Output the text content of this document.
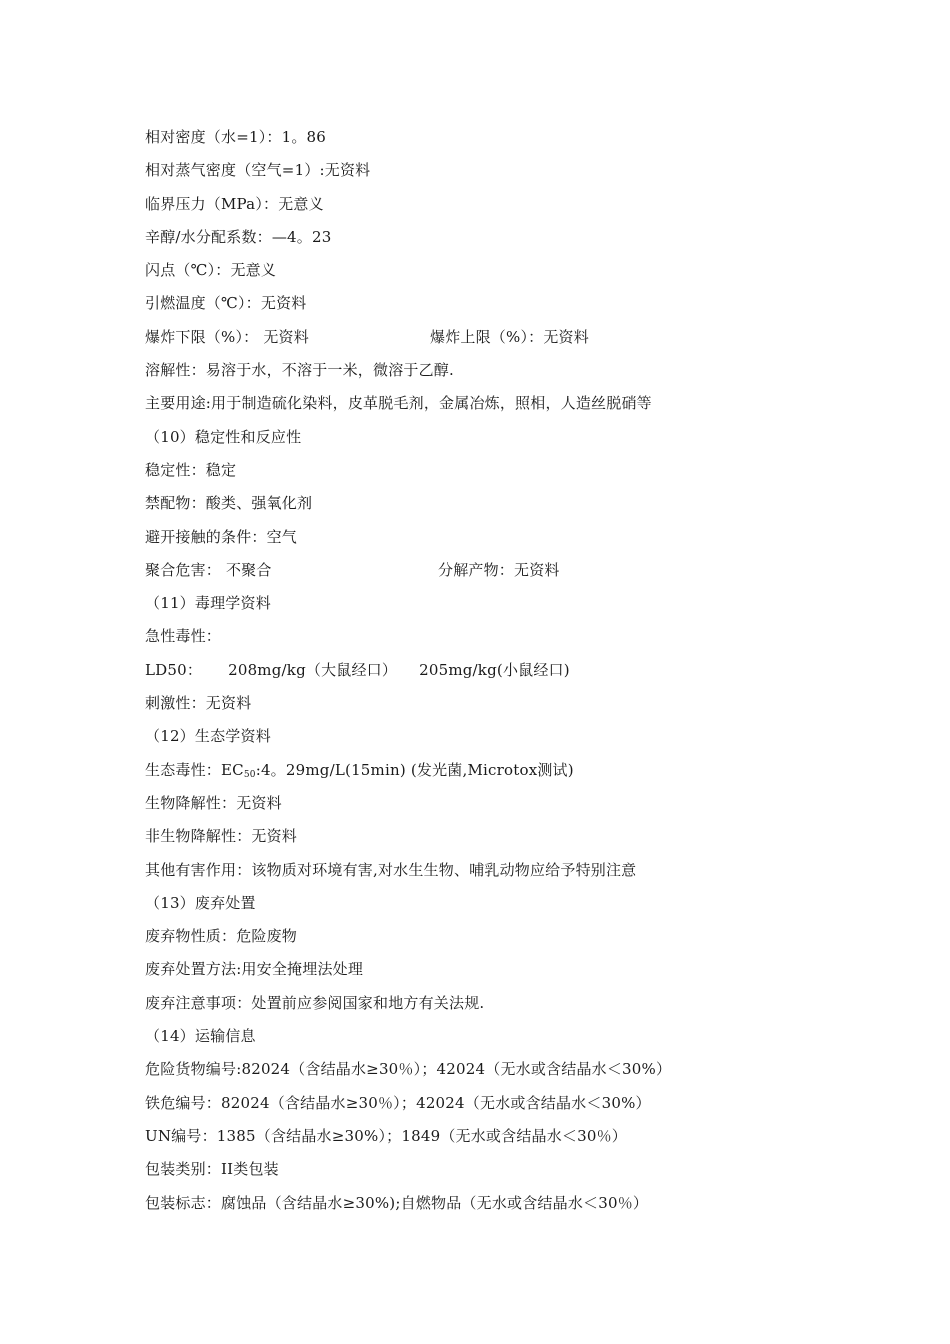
相对密度（水=1）：1。86
相对蒸气密度（空气=1）:无资料
临界压力（MPa）：无意义
辛醇/水分配系数：—4。23
闪点（℃）：无意义
引燃温度（℃）：无资料
爆炸下限（%）： 无资料	爆炸上限（%）：无资料
溶解性：易溶于水，不溶于一米，微溶于乙醇.
主要用途:用于制造硫化染料，皮革脱毛剂，金属冶炼，照相，人造丝脱硝等
（10）稳定性和反应性
稳定性：稳定
禁配物：酸类、强氧化剂
避开接触的条件：空气
聚合危害： 不聚合	分解产物：无资料
（11）毒理学资料
急性毒性：
LD50： 208mg/kg（大鼠经口） 205mg/kg(小鼠经口)
刺激性：无资料
（12）生态学资料
生态毒性：$EC_{50}:4$。29mg/L(15min) (发光菌,Microtox测试)
生物降解性：无资料
非生物降解性：无资料
其他有害作用：该物质对环境有害,对水生生物、哺乳动物应给予特别注意
（13）废弃处置
废弃物性质：危险废物
废弃处置方法:用安全掩埋法处理
废弃注意事项：处置前应参阅国家和地方有关法规.
（14）运输信息
危险货物编号:82024（含结晶水≥30％）；42024（无水或含结晶水＜30%）
铁危编号：82024（含结晶水≥30％）；42024（无水或含结晶水＜30%）
UN编号：1385（含结晶水≥30%）；1849（无水或含结晶水＜30％）
包装类别：II类包装
包装标志：腐蚀品（含结晶水≥30%);自燃物品（无水或含结晶水＜30％）
